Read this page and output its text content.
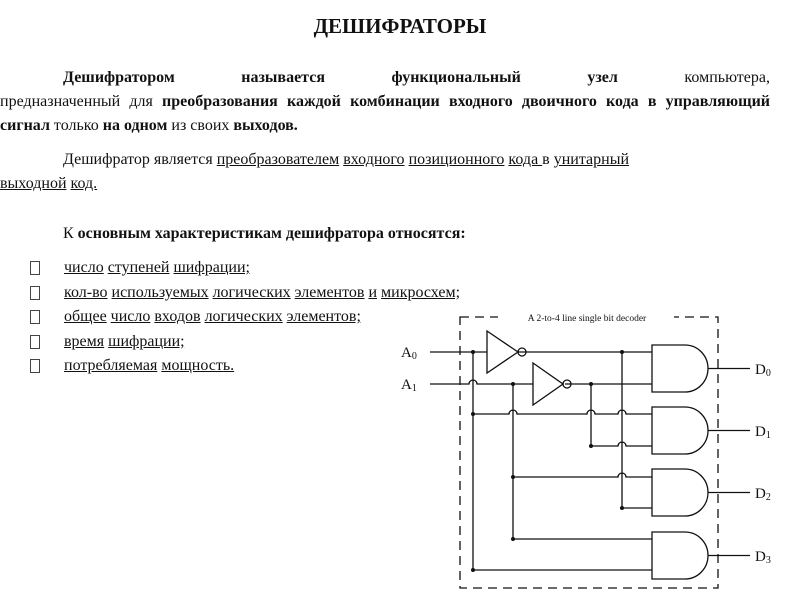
ДЕШИФРАТОРЫ
Дешифратором	называется	функциональный	узел	компьютера,
предназначенный для преобразования каждой комбинации входного двоичного кода в управляющий сигнал только на одном из своих выходов.
Дешифратор является преобразователем входного позиционного кода в унитарный
выходной код.
К основным характеристикам дешифратора относятся:
число ступеней шифрации;
кол-во используемых логических элементов и микросхем;
общее число входов логических элементов;
время шифрации;
потребляемая мощность.
A 2-to-4 line single bit decoder
A0
A1
D0
D1
D2
D3
